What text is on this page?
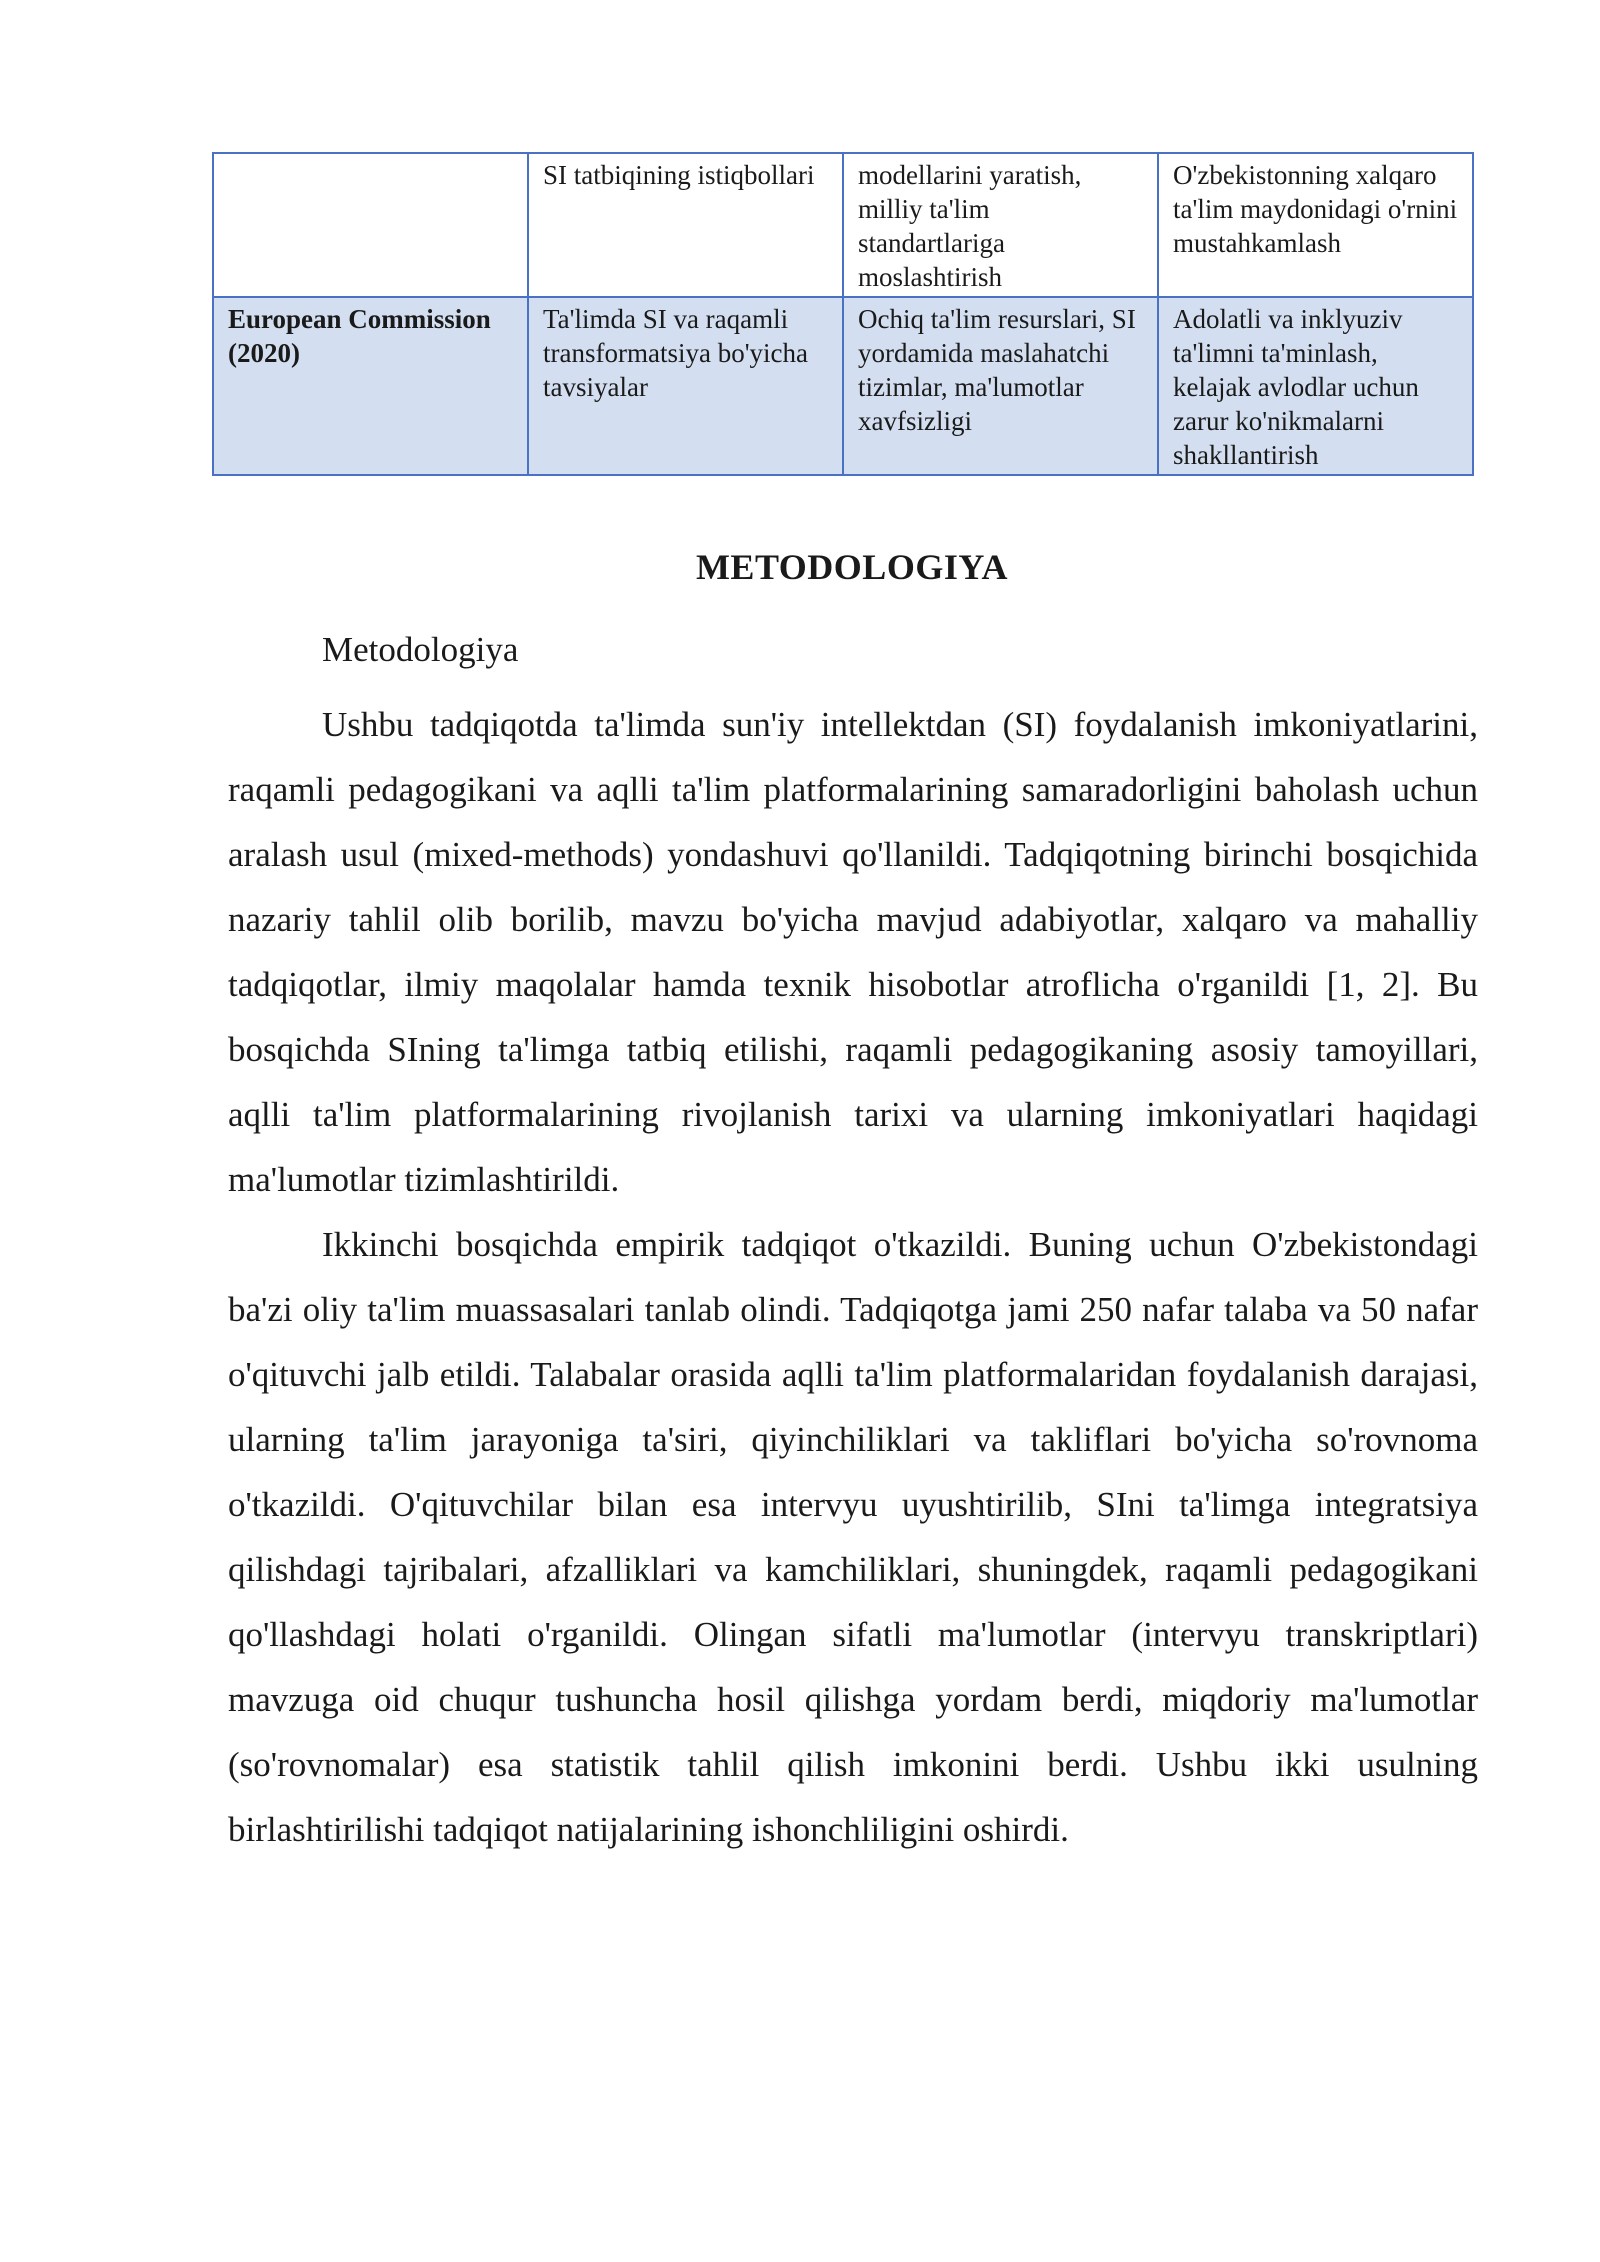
	SI tatbiqining istiqbollari	modellarini yaratish, milliy ta'lim standartlariga moslashtirish	O'zbekistonning xalqaro ta'lim maydonidagi o'rnini mustahkamlash
European Commission (2020)	Ta'limda SI va raqamli transformatsiya bo'yicha tavsiyalar	Ochiq ta'lim resurslari, SI yordamida maslahatchi tizimlar, ma'lumotlar xavfsizligi	Adolatli va inklyuziv ta'limni ta'minlash, kelajak avlodlar uchun zarur ko'nikmalarni shakllantirish
METODOLOGIYA
Metodologiya

Ushbu tadqiqotda ta'limda sun'iy intellektdan (SI) foydalanish imkoniyatlarini, raqamli pedagogikani va aqlli ta'lim platformalarining samaradorligini baholash uchun aralash usul (mixed-methods) yondashuvi qo'llanildi. Tadqiqotning birinchi bosqichida nazariy tahlil olib borilib, mavzu bo'yicha mavjud adabiyotlar, xalqaro va mahalliy tadqiqotlar, ilmiy maqolalar hamda texnik hisobotlar atroflicha o'rganildi [1, 2]. Bu bosqichda SIning ta'limga tatbiq etilishi, raqamli pedagogikaning asosiy tamoyillari, aqlli ta'lim platformalarining rivojlanish tarixi va ularning imkoniyatlari haqidagi ma'lumotlar tizimlashtirildi.

Ikkinchi bosqichda empirik tadqiqot o'tkazildi. Buning uchun O'zbekistondagi ba'zi oliy ta'lim muassasalari tanlab olindi. Tadqiqotga jami 250 nafar talaba va 50 nafar o'qituvchi jalb etildi. Talabalar orasida aqlli ta'lim platformalaridan foydalanish darajasi, ularning ta'lim jarayoniga ta'siri, qiyinchiliklari va takliflari bo'yicha so'rovnoma o'tkazildi. O'qituvchilar bilan esa intervyu uyushtirilib, SIni ta'limga integratsiya qilishdagi tajribalari, afzalliklari va kamchiliklari, shuningdek, raqamli pedagogikani qo'llashdagi holati o'rganildi. Olingan sifatli ma'lumotlar (intervyu transkriptlari) mavzuga oid chuqur tushuncha hosil qilishga yordam berdi, miqdoriy ma'lumotlar (so'rovnomalar) esa statistik tahlil qilish imkonini berdi. Ushbu ikki usulning birlashtirilishi tadqiqot natijalarining ishonchliligini oshirdi.
